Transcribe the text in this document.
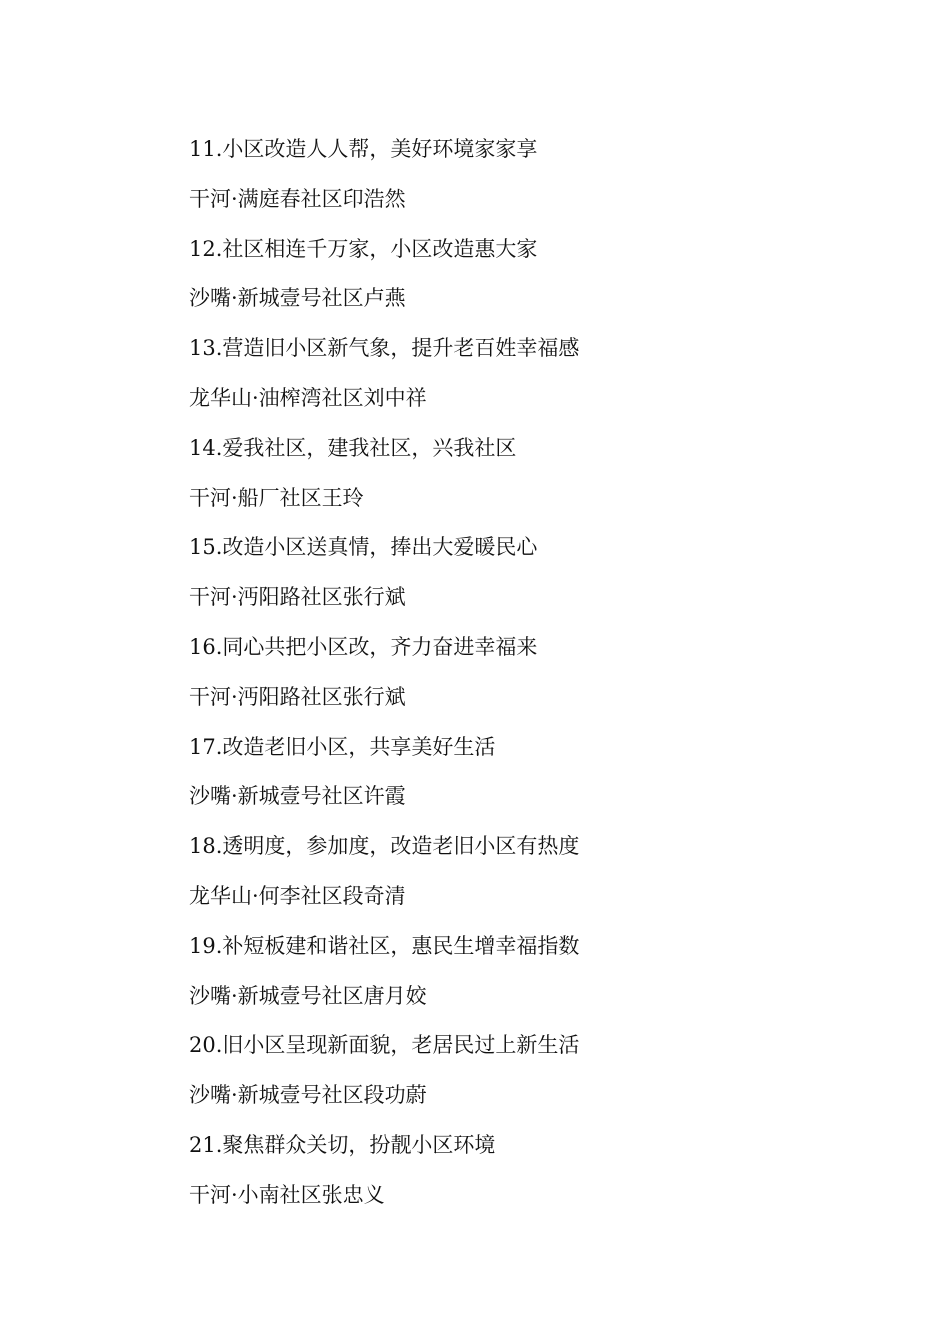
11.小区改造人人帮，美好环境家家享
干河·满庭春社区印浩然
12.社区相连千万家，小区改造惠大家
沙嘴·新城壹号社区卢燕
13.营造旧小区新气象，提升老百姓幸福感
龙华山·油榨湾社区刘中祥
14.爱我社区，建我社区，兴我社区
干河·船厂社区王玲
15.改造小区送真情，捧出大爱暖民心
干河·沔阳路社区张行斌
16.同心共把小区改，齐力奋进幸福来
干河·沔阳路社区张行斌
17.改造老旧小区，共享美好生活
沙嘴·新城壹号社区许霞
18.透明度，参加度，改造老旧小区有热度
龙华山·何李社区段奇清
19.补短板建和谐社区，惠民生增幸福指数
沙嘴·新城壹号社区唐月姣
20.旧小区呈现新面貌，老居民过上新生活
沙嘴·新城壹号社区段功蔚
21.聚焦群众关切，扮靓小区环境
干河·小南社区张忠义
